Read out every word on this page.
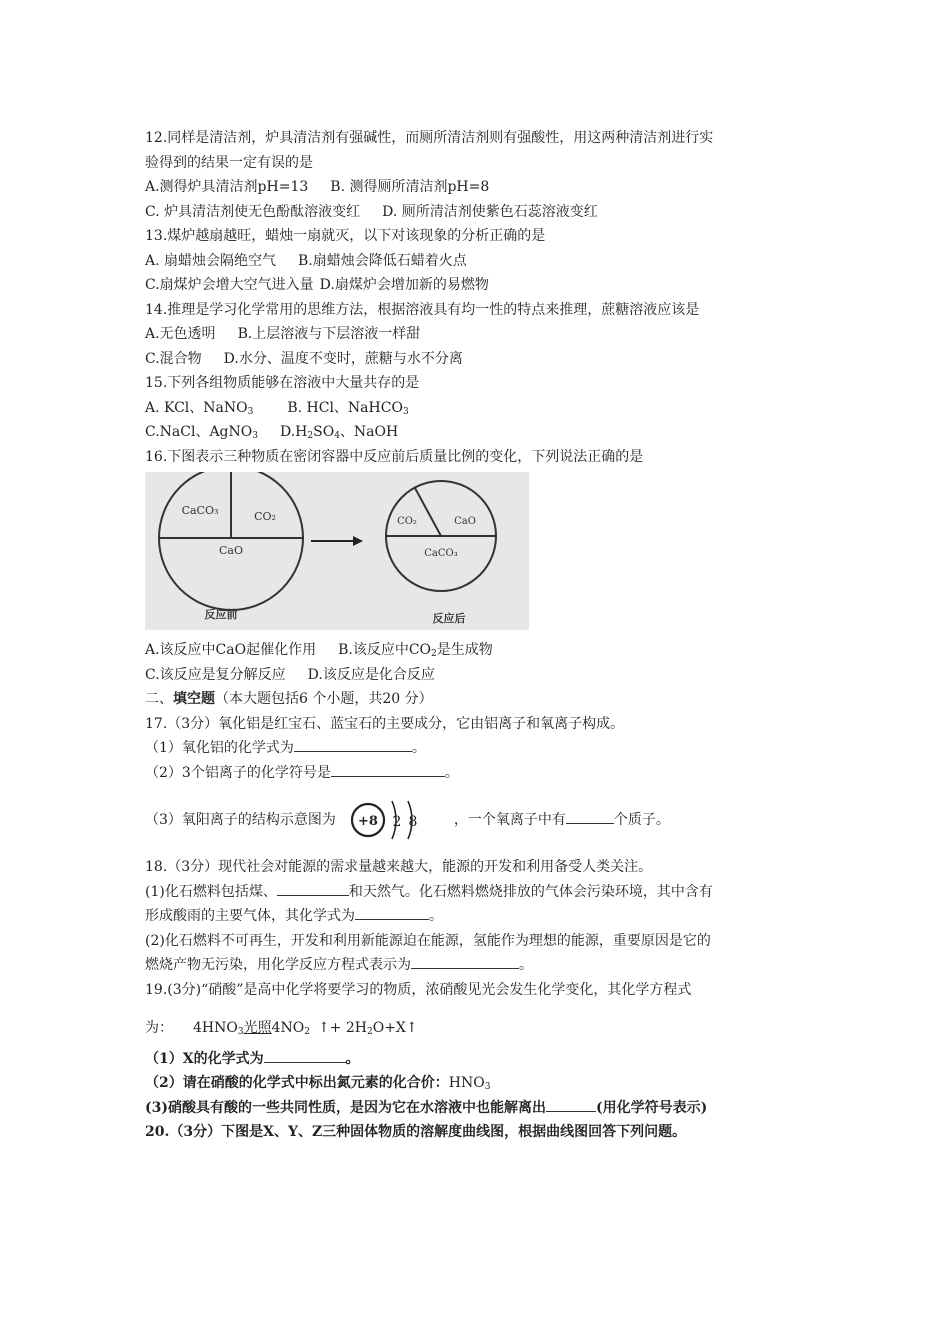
12.同样是清洁剂，炉具清洁剂有强碱性，而厕所清洁剂则有强酸性，用这两种清洁剂进行实
验得到的结果一定有误的是
A.测得炉具清洁剂pH=13 B. 测得厕所清洁剂pH=8
C. 炉具清洁剂使无色酚酞溶液变红 D. 厕所清洁剂使紫色石蕊溶液变红
13.煤炉越扇越旺，蜡烛一扇就灭，以下对该现象的分析正确的是
A. 扇蜡烛会隔绝空气 B.扇蜡烛会降低石蜡着火点
C.扇煤炉会增大空气进入量 D.扇煤炉会增加新的易燃物
14.推理是学习化学常用的思维方法，根据溶液具有均一性的特点来推理，蔗糖溶液应该是
A.无色透明 B.上层溶液与下层溶液一样甜
C.混合物 D.水分、温度不变时，蔗糖与水不分离
15.下列各组物质能够在溶液中大量共存的是
A. KCl、NaNO$_3$ B. HCl、NaHCO$_3$
C.NaCl、AgNO$_3$ $D.H_2SO_4$、NaOH
16.下图表示三种物质在密闭容器中反应前后质量比例的变化，下列说法正确的是
CaCO₃	CO₂
CaO
反应前
CO₂	CaO
CaCO₃
反应后
A.该反应中CaO起催化作用 B.该反应中$CO_2$是生成物
C.该反应是复分解反应 D.该反应是化合反应
二、填空题（本大题包括6 个小题，共20 分）
17.（3分）氧化铝是红宝石、蓝宝石的主要成分，它由铝离子和氧离子构成。
（1）氧化铝的化学式为	。
（2）3个铝离子的化学符号是	。
（3）氧阳离子的结构示意图为 +8 2 8	，一个氧离子中有	个质子。
18.（3分）现代社会对能源的需求量越来越大，能源的开发和利用备受人类关注。
(1)化石燃料包括煤、	和天然气。化石燃料燃烧排放的气体会污染环境，其中含有
形成酸雨的主要气体，其化学式为	。
(2)化石燃料不可再生，开发和利用新能源迫在能源，氢能作为理想的能源，重要原因是它的
燃烧产物无污染，用化学反应方程式表示为	。
19.(3分)“硝酸”是高中化学将要学习的物质，浓硝酸见光会发生化学变化，其化学方程式
为： $4HNO_3$光照$4NO_2$ ↑+ $2H_2O+X↑$
（1）X的化学式为	。
（2）请在硝酸的化学式中标出氮元素的化合价：$HNO_3$
(3)硝酸具有酸的一些共同性质，是因为它在水溶液中也能解离出	(用化学符号表示)
20.（3分）下图是X、Y、Z三种固体物质的溶解度曲线图，根据曲线图回答下列问题。
